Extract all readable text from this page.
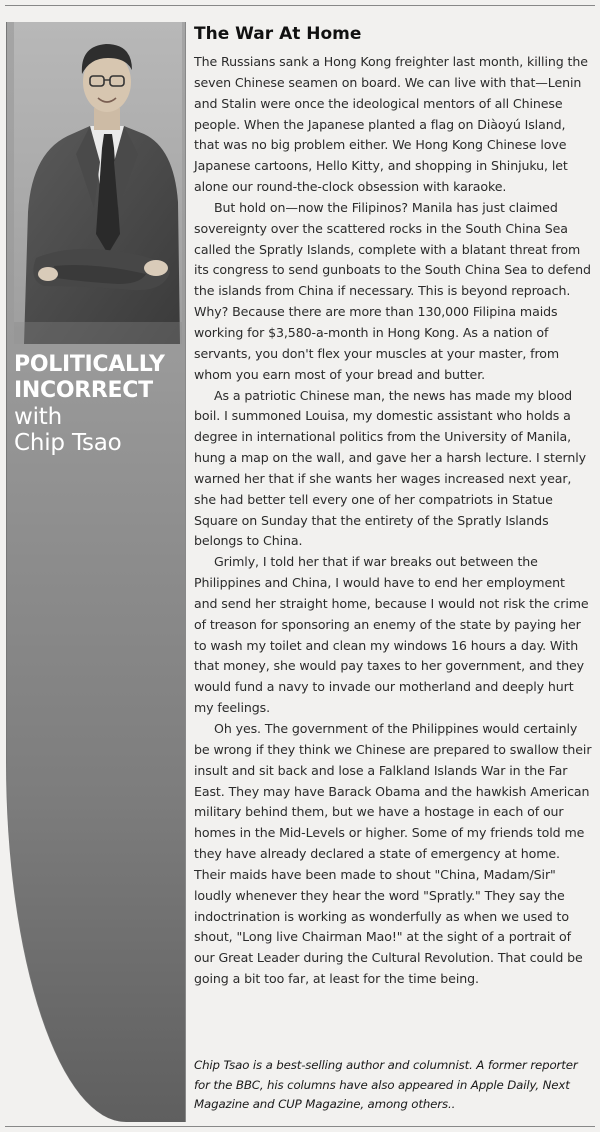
POLITICALLY
INCORRECT
with
Chip Tsao
The War At Home

The Russians sank a Hong Kong freighter last month, killing the seven Chinese seamen on board. We can live with that—Lenin and Stalin were once the ideological mentors of all Chinese people. When the Japanese planted a flag on Diàoyú Island, that was no big problem either. We Hong Kong Chinese love Japanese cartoons, Hello Kitty, and shopping in Shinjuku, let alone our round-the-clock obsession with karaoke.

But hold on—now the Filipinos? Manila has just claimed sovereignty over the scattered rocks in the South China Sea called the Spratly Islands, complete with a blatant threat from its congress to send gunboats to the South China Sea to defend the islands from China if necessary. This is beyond reproach. Why? Because there are more than 130,000 Filipina maids working for $3,580-a-month in Hong Kong. As a nation of servants, you don't flex your muscles at your master, from whom you earn most of your bread and butter.

As a patriotic Chinese man, the news has made my blood boil. I summoned Louisa, my domestic assistant who holds a degree in international politics from the University of Manila, hung a map on the wall, and gave her a harsh lecture. I sternly warned her that if she wants her wages increased next year, she had better tell every one of her compatriots in Statue Square on Sunday that the entirety of the Spratly Islands belongs to China.

Grimly, I told her that if war breaks out between the Philippines and China, I would have to end her employment and send her straight home, because I would not risk the crime of treason for sponsoring an enemy of the state by paying her to wash my toilet and clean my windows 16 hours a day. With that money, she would pay taxes to her government, and they would fund a navy to invade our motherland and deeply hurt my feelings.

Oh yes. The government of the Philippines would certainly be wrong if they think we Chinese are prepared to swallow their insult and sit back and lose a Falkland Islands War in the Far East. They may have Barack Obama and the hawkish American military behind them, but we have a hostage in each of our homes in the Mid-Levels or higher. Some of my friends told me they have already declared a state of emergency at home. Their maids have been made to shout "China, Madam/Sir" loudly whenever they hear the word "Spratly." They say the indoctrination is working as wonderfully as when we used to shout, "Long live Chairman Mao!" at the sight of a portrait of our Great Leader during the Cultural Revolution. That could be going a bit too far, at least for the time being.

Chip Tsao is a best-selling author and columnist. A former reporter for the BBC, his columns have also appeared in Apple Daily, Next Magazine and CUP Magazine, among others..
